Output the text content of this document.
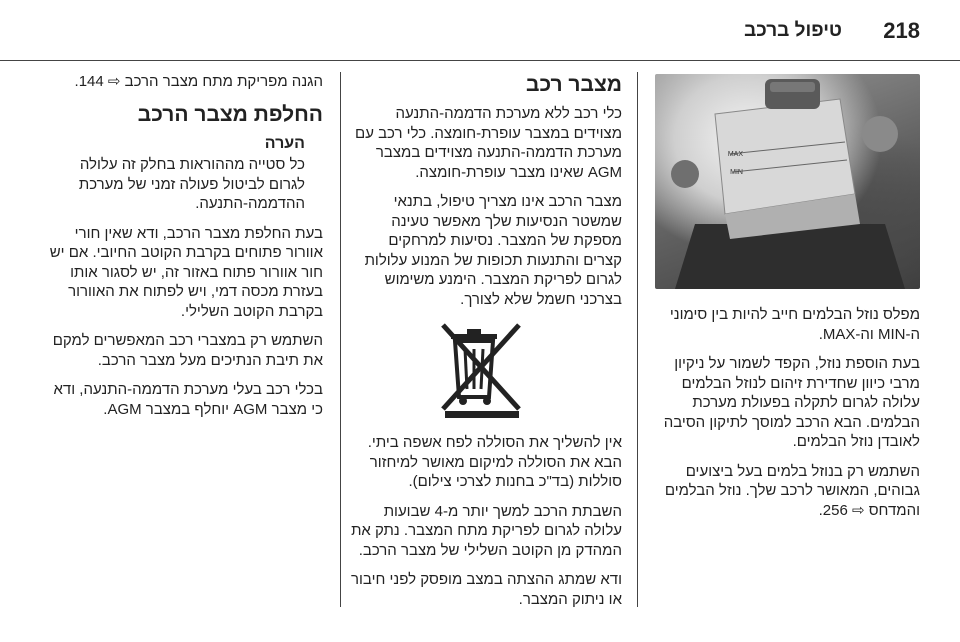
218
טיפול ברכב
MAX
MIN

מפלס נוזל הבלמים חייב להיות בין סימוני ה-MIN וה-MAX.

בעת הוספת נוזל, הקפד לשמור על ניקיון מרבי כיוון שחדירת זיהום לנוזל הבלמים עלולה לגרום לתקלה בפעולת מערכת הבלמים. הבא הרכב למוסך לתיקון הסיבה לאובדן נוזל הבלמים.

השתמש רק בנוזל בלמים בעל ביצועים גבוהים, המאושר לרכב שלך. נוזל הבלמים והמדחס ⇨ 256.

מצבר רכב

כלי רכב ללא מערכת הדממה-התנעה מצוידים במצבר עופרת-חומצה. כלי רכב עם מערכת הדממה-התנעה מצוידים במצבר AGM שאינו מצבר עופרת-חומצה.

מצבר הרכב אינו מצריך טיפול, בתנאי שמשטר הנסיעות שלך מאפשר טעינה מספקת של המצבר. נסיעות למרחקים קצרים והתנעות תכופות של המנוע עלולות לגרום לפריקת המצבר. הימנע משימוש בצרכני חשמל שלא לצורך.

אין להשליך את הסוללה לפח אשפה ביתי. הבא את הסוללה למיקום מאושר למיחזור סוללות (בד"כ בחנות לצרכי צילום).

השבתת הרכב למשך יותר מ-4 שבועות עלולה לגרום לפריקת מתח המצבר. נתק את המהדק מן הקוטב השלילי של מצבר הרכב.

ודא שמתג ההצתה במצב מופסק לפני חיבור או ניתוק המצבר.

הגנה מפריקת מתח מצבר הרכב ⇨ 144.

החלפת מצבר הרכב
הערה

כל סטייה מההוראות בחלק זה עלולה לגרום לביטול פעולה זמני של מערכת ההדממה-התנעה.

בעת החלפת מצבר הרכב, ודא שאין חורי אוורור פתוחים בקרבת הקוטב החיובי. אם יש חור אוורור פתוח באזור זה, יש לסגור אותו בעזרת מכסה דמי, ויש לפתוח את האוורור בקרבת הקוטב השלילי.

השתמש רק במצברי רכב המאפשרים למקם את תיבת הנתיכים מעל מצבר הרכב.

בכלי רכב בעלי מערכת הדממה-התנעה, ודא כי מצבר AGM יוחלף במצבר AGM.
